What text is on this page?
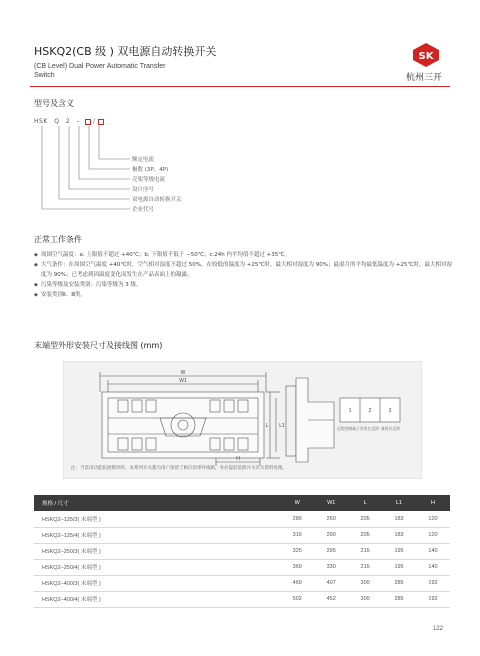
HSKQ2(CB 级 ) 双电源自动转换开关
(CB Level) Dual Power Automatic Transfer
Switch
SK
杭州三开
型号及含义
HSK Q 2 – /
额定电流
极数 (3P、4P)
壳架等级电流
设计序号
双电源自动转换开关
企业代号
正常工作条件
◆ 周围空气温度：a. 上限值不超过 +40℃；b. 下限值不低于 −50℃；c.24h 内平均值不超过 +35℃。
◆ 大气条件：在周围空气温度 +40℃时，空气相对湿度不超过 50%，在较低的温度为 +25℃时，最大相对湿度为 90%；最湿月的平均最低温度为 +25℃时，最大相对湿度为 90%；已考虑到因温度变化而发生在产品表面上的凝露。
◆ 污染等级及安装类别：污染等级为 3 级。
◆ 安装类别Ⅱ、Ⅲ类。
末端型外形安装尺寸及接线图 (mm)
W
W1
H
L1
L
1	2	3
远程控制端子 常用位反馈 备用位反馈
注：当选用功能拓展模块时，本系列开关都为用户预留了相应的零件线路，务必提前依照开关有关资料处理。
规格 / 尺寸	W	W1	L	L1	H
HSKQ2–125/3( 末端型 )	286	260	205	183	120
HSKQ2–125/4( 末端型 )	316	290	205	183	120
HSKQ2–250/3( 末端型 )	325	295	215	195	140
HSKQ2–250/4( 末端型 )	360	330	215	195	140
HSKQ2–400/3( 末端型 )	460	407	300	285	192
HSKQ2–400/4( 末端型 )	502	452	300	285	192
122
